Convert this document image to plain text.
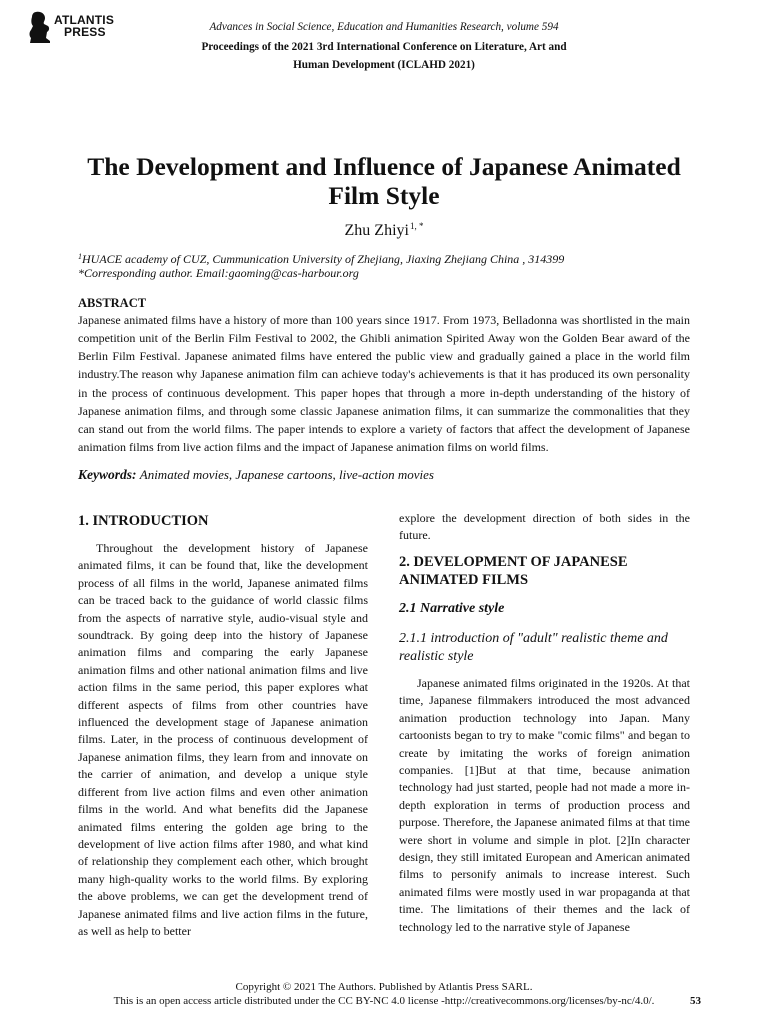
ATLANTIS
PRESS	Advances in Social Science, Education and Humanities Research, volume 594
Proceedings of the 2021 3rd International Conference on Literature, Art and
Human Development (ICLAHD 2021)
The Development and Influence of Japanese Animated
Film Style
Zhu Zhiyi$^{1, *}$
$^1$HUACE academy of CUZ, Cummunication University of Zhejiang, Jiaxing Zhejiang China , 314399
*Corresponding author. Email:gaoming@cas-harbour.org
ABSTRACT
Japanese animated films have a history of more than 100 years since 1917. From 1973, Belladonna was shortlisted in the main competition unit of the Berlin Film Festival to 2002, the Ghibli animation Spirited Away won the Golden Bear award of the Berlin Film Festival. Japanese animated films have entered the public view and gradually gained a place in the world film industry.The reason why Japanese animation film can achieve today's achievements is that it has produced its own personality in the process of continuous development. This paper hopes that through a more in-depth understanding of the history of Japanese animation films, and through some classic Japanese animation films, it can summarize the commonalities that they can stand out from the world films. The paper intends to explore a variety of factors that affect the development of Japanese animation films from live action films and the impact of Japanese animation films on world films.
Keywords: Animated movies, Japanese cartoons, live-action movies
1. INTRODUCTION
Throughout the development history of Japanese animated films, it can be found that, like the development process of all films in the world, Japanese animated films can be traced back to the guidance of world classic films from the aspects of narrative style, audio-visual style and soundtrack. By going deep into the history of Japanese animation films and comparing the early Japanese animation films and other national animation films and live action films in the same period, this paper explores what different aspects of films from other countries have influenced the development stage of Japanese animation films. Later, in the process of continuous development of Japanese animation films, they learn from and innovate on the carrier of animation, and develop a unique style different from live action films and even other animation films in the world. And what benefits did the Japanese animated films entering the golden age bring to the development of live action films after 1980, and what kind of relationship they complement each other, which brought many high-quality works to the world films. By exploring the above problems, we can get the development trend of Japanese animated films and live action films in the future, as well as help to better
explore the development direction of both sides in the future.
2. DEVELOPMENT OF JAPANESE ANIMATED FILMS
2.1 Narrative style
2.1.1 introduction of "adult" realistic theme and realistic style
Japanese animated films originated in the 1920s. At that time, Japanese filmmakers introduced the most advanced animation production technology into Japan. Many cartoonists began to try to make "comic films" and began to create by imitating the works of foreign animation companies. [1]But at that time, because animation technology had just started, people had not made a more in-depth exploration in terms of production process and purpose. Therefore, the Japanese animated films at that time were short in volume and simple in plot. [2]In character design, they still imitated European and American animated films to personify animals to increase interest. Such animated films were mostly used in war propaganda at that time. The limitations of their themes and the lack of technology led to the narrative style of Japanese
Copyright © 2021 The Authors. Published by Atlantis Press SARL.
This is an open access article distributed under the CC BY-NC 4.0 license -http://creativecommons.org/licenses/by-nc/4.0/.	53
